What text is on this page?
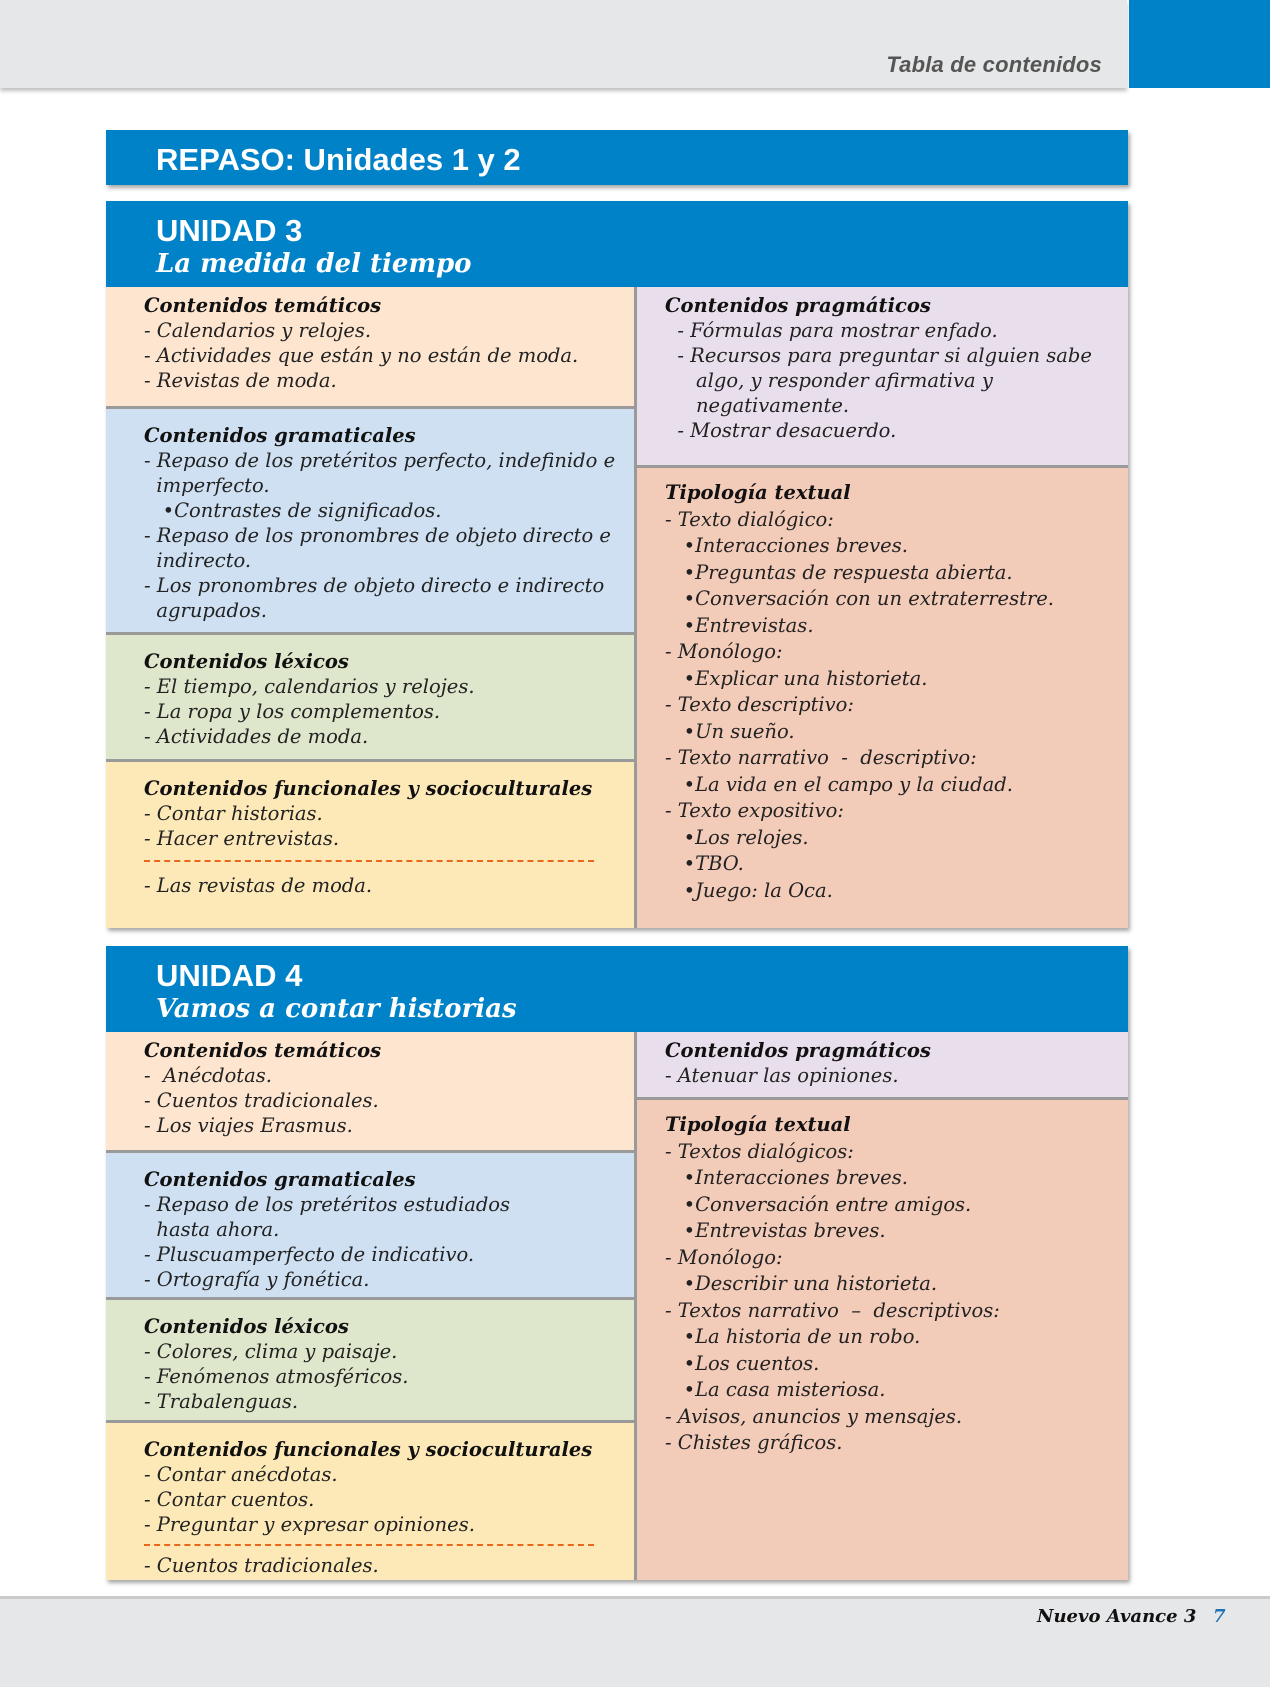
Tabla de contenidos
REPASO: Unidades 1 y 2
UNIDAD 3
La medida del tiempo
Contenidos temáticos
- Calendarios y relojes.
- Actividades que están y no están de moda.
- Revistas de moda.
Contenidos gramaticales
- Repaso de los pretéritos perfecto, indefinido e
imperfecto.
•Contrastes de significados.
- Repaso de los pronombres de objeto directo e
indirecto.
- Los pronombres de objeto directo e indirecto
agrupados.
Contenidos léxicos
- El tiempo, calendarios y relojes.
- La ropa y los complementos.
- Actividades de moda.
Contenidos funcionales y socioculturales
- Contar historias.
- Hacer entrevistas.
- Las revistas de moda.
Contenidos pragmáticos
- Fórmulas para mostrar enfado.
- Recursos para preguntar si alguien sabe
algo, y responder afirmativa y
negativamente.
- Mostrar desacuerdo.
Tipología textual
- Texto dialógico:
•Interacciones breves.
•Preguntas de respuesta abierta.
•Conversación con un extraterrestre.
•Entrevistas.
- Monólogo:
•Explicar una historieta.
- Texto descriptivo:
•Un sueño.
- Texto narrativo  -  descriptivo:
•La vida en el campo y la ciudad.
- Texto expositivo:
•Los relojes.
•TBO.
•Juego: la Oca.
UNIDAD 4
Vamos a contar historias
Contenidos temáticos
-  Anécdotas.
- Cuentos tradicionales.
- Los viajes Erasmus.
Contenidos gramaticales
- Repaso de los pretéritos estudiados
hasta ahora.
- Pluscuamperfecto de indicativo.
- Ortografía y fonética.
Contenidos léxicos
- Colores, clima y paisaje.
- Fenómenos atmosféricos.
- Trabalenguas.
Contenidos funcionales y socioculturales
- Contar anécdotas.
- Contar cuentos.
- Preguntar y expresar opiniones.
- Cuentos tradicionales.
Contenidos pragmáticos
- Atenuar las opiniones.
Tipología textual
- Textos dialógicos:
•Interacciones breves.
•Conversación entre amigos.
•Entrevistas breves.
- Monólogo:
•Describir una historieta.
- Textos narrativo  –  descriptivos:
•La historia de un robo.
•Los cuentos.
•La casa misteriosa.
- Avisos, anuncios y mensajes.
- Chistes gráficos.
Nuevo Avance 3 7
